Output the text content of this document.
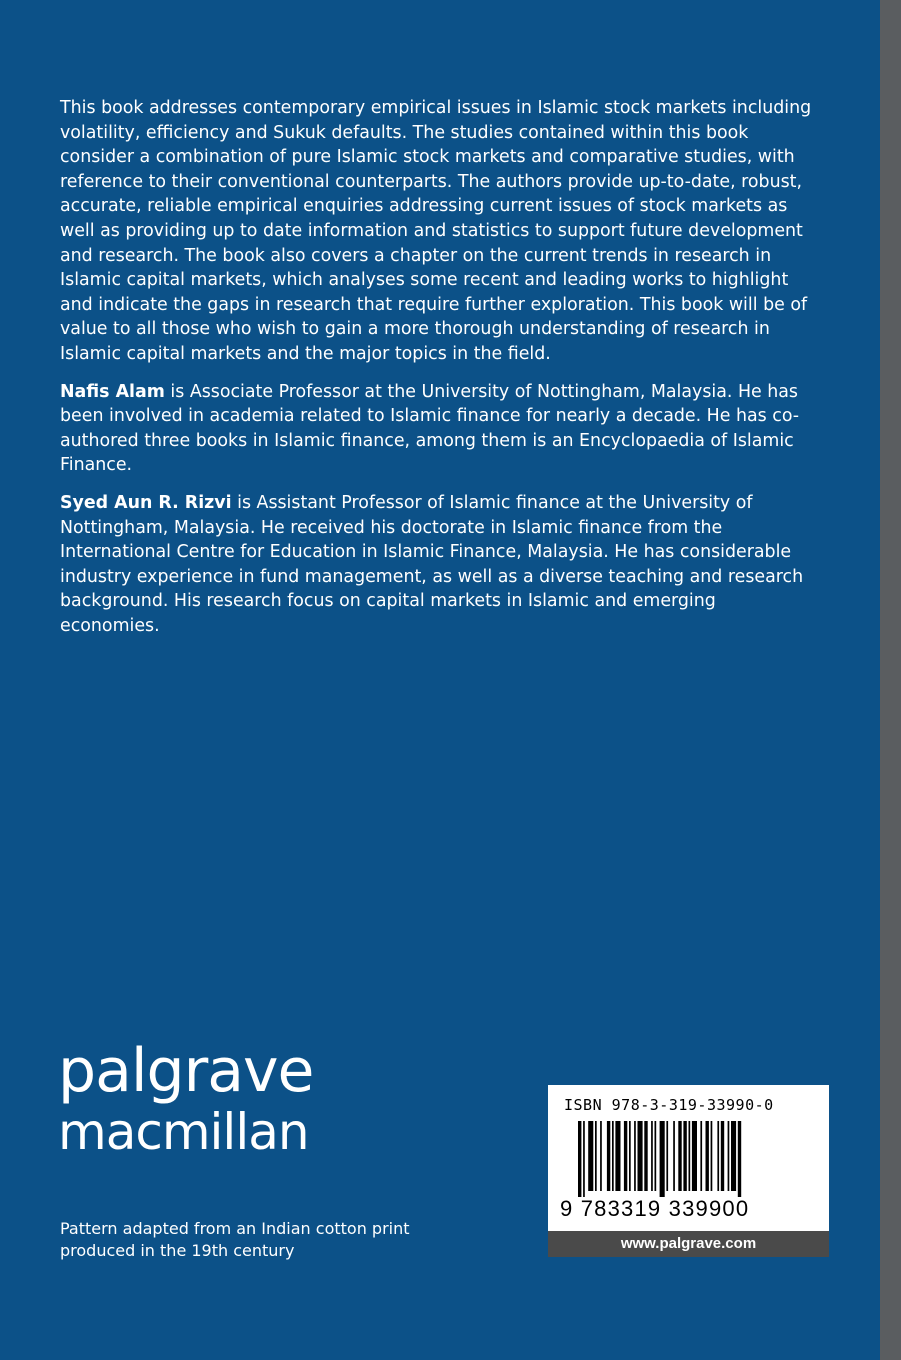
This book addresses contemporary empirical issues in Islamic stock markets including volatility, efficiency and Sukuk defaults. The studies contained within this book consider a combination of pure Islamic stock markets and comparative studies, with reference to their conventional counterparts. The authors provide up-to-date, robust, accurate, reliable empirical enquiries addressing current issues of stock markets as well as providing up to date information and statistics to support future development and research. The book also covers a chapter on the current trends in research in Islamic capital markets, which analyses some recent and leading works to highlight and indicate the gaps in research that require further exploration. This book will be of value to all those who wish to gain a more thorough understanding of research in Islamic capital markets and the major topics in the field.

Nafis Alam is Associate Professor at the University of Nottingham, Malaysia. He has been involved in academia related to Islamic finance for nearly a decade. He has co-authored three books in Islamic finance, among them is an Encyclopaedia of Islamic Finance.

Syed Aun R. Rizvi is Assistant Professor of Islamic finance at the University of Nottingham, Malaysia. He received his doctorate in Islamic finance from the International Centre for Education in Islamic Finance, Malaysia. He has considerable industry experience in fund management, as well as a diverse teaching and research background. His research focus on capital markets in Islamic and emerging economies.

palgrave
macmillan
Pattern adapted from an Indian cotton print produced in the 19th century
ISBN 978-3-319-33990-0
9 783319 339900
www.palgrave.com
